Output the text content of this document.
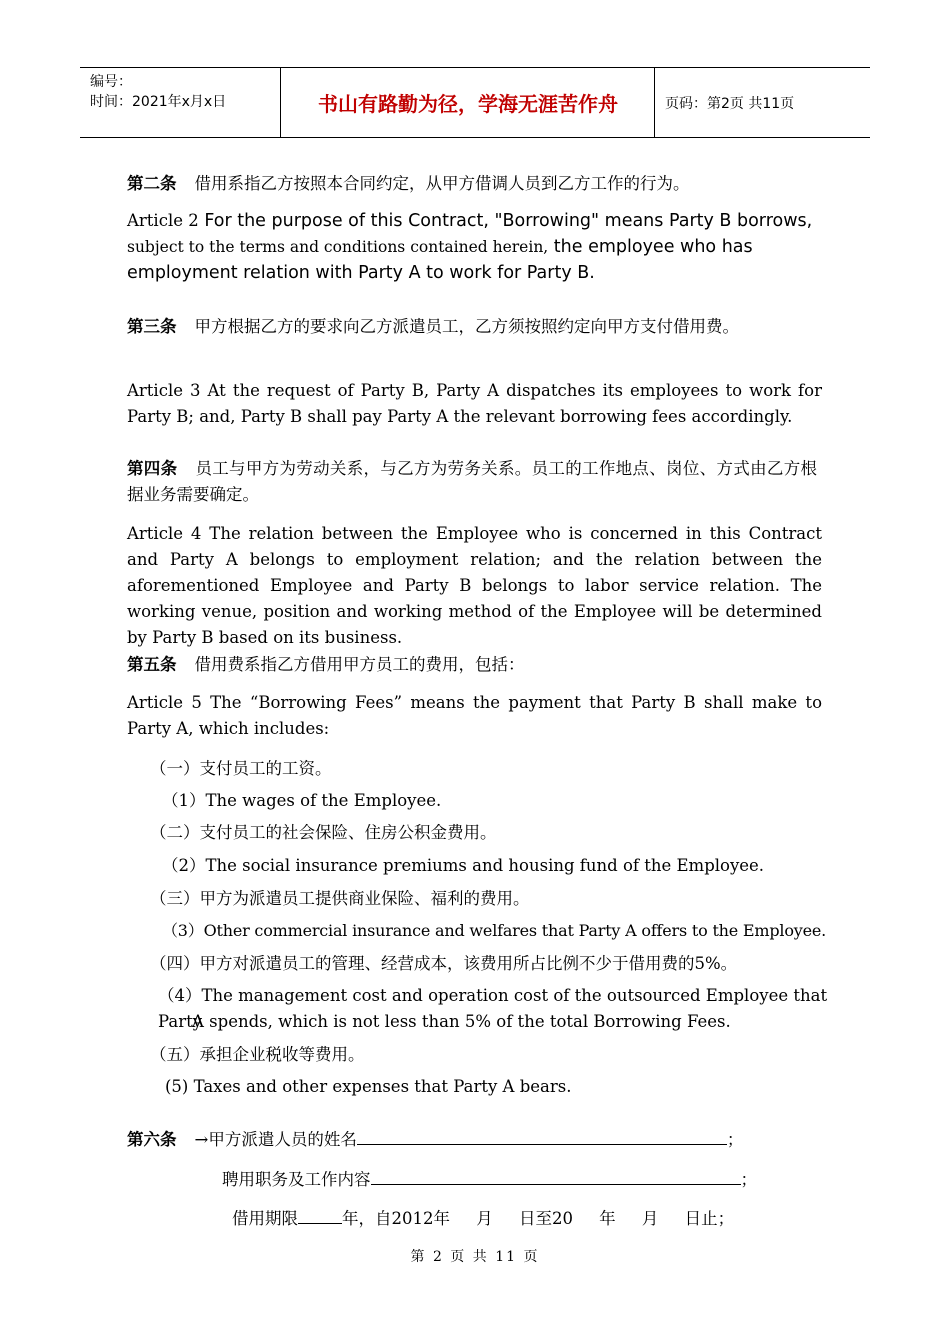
编号：
时间：2021年x月x日	书山有路勤为径，学海无涯苦作舟	页码：第2页 共11页
第二条 借用系指乙方按照本合同约定，从甲方借调人员到乙方工作的行为。
Article 2 For the purpose of this Contract, "Borrowing" means Party B borrows, subject to the terms and conditions contained herein, the employee who has employment relation with Party A to work for Party B.
第三条 甲方根据乙方的要求向乙方派遣员工，乙方须按照约定向甲方支付借用费。
Article 3 At the request of Party B, Party A dispatches its employees to work for Party B; and, Party B shall pay Party A the relevant borrowing fees accordingly.
第四条 员工与甲方为劳动关系，与乙方为劳务关系。员工的工作地点、岗位、方式由乙方根据业务需要确定。
Article 4 The relation between the Employee who is concerned in this Contract and Party A belongs to employment relation; and the relation between the aforementioned Employee and Party B belongs to labor service relation. The working venue, position and working method of the Employee will be determined by Party B based on its business.
第五条 借用费系指乙方借用甲方员工的费用，包括：
Article 5 The “Borrowing Fees” means the payment that Party B shall make to Party A, which includes:
（一）支付员工的工资。
（1）The wages of the Employee.
（二）支付员工的社会保险、住房公积金费用。
（2）The social insurance premiums and housing fund of the Employee.
（三）甲方为派遣员工提供商业保险、福利的费用。
（3）Other commercial insurance and welfares that Party A offers to the Employee.
（四）甲方对派遣员工的管理、经营成本，该费用所占比例不少于借用费的5%。
（4）The management cost and operation cost of the outsourced Employee that Party
A spends, which is not less than 5% of the total Borrowing Fees.
（五）承担企业税收等费用。
(5) Taxes and other expenses that Party A bears.
第六条 →甲方派遣人员的姓名	；
聘用职务及工作内容	；
借用期限	年，自2012年     月     日至20     年     月     日止；
第 2 页 共 11 页
